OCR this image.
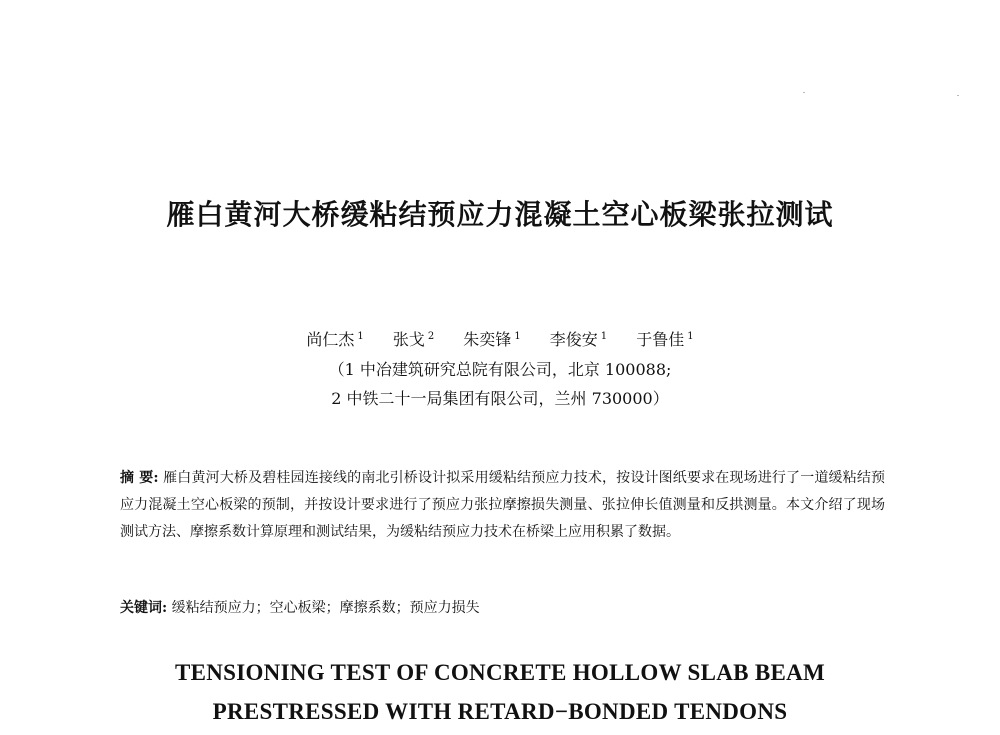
雁白黄河大桥缓粘结预应力混凝土空心板梁张拉测试
尚仁杰 $^1$ 张戈 $^2$ 朱奕锋 $^1$ 李俊安 $^1$ 于鲁佳 $^1$
（1 中冶建筑研究总院有限公司，北京 100088;
2 中铁二十一局集团有限公司，兰州 730000）
摘 要: 雁白黄河大桥及碧桂园连接线的南北引桥设计拟采用缓粘结预应力技术，按设计图纸要求在现场进行了一道缓粘结预应力混凝土空心板梁的预制，并按设计要求进行了预应力张拉摩擦损失测量、张拉伸长值测量和反拱测量。本文介绍了现场测试方法、摩擦系数计算原理和测试结果，为缓粘结预应力技术在桥梁上应用积累了数据。
关键词: 缓粘结预应力；空心板梁；摩擦系数；预应力损失
TENSIONING TEST OF CONCRETE HOLLOW SLAB BEAM
PRESTRESSED WITH RETARD−BONDED TENDONS
